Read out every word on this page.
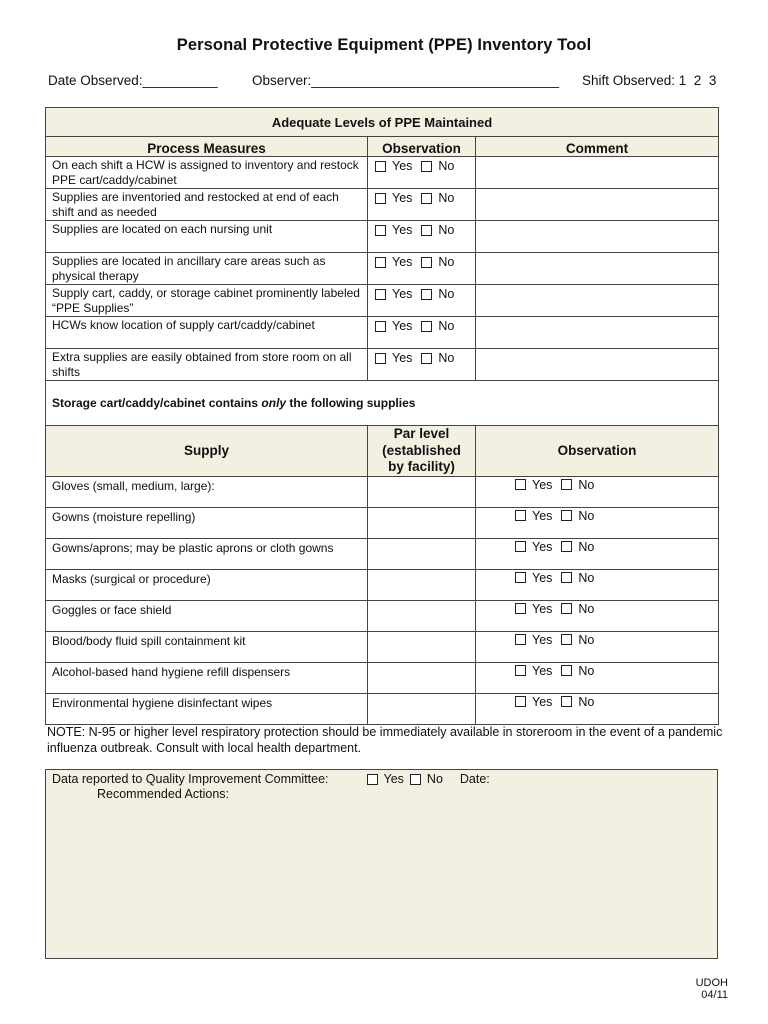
Personal Protective Equipment (PPE) Inventory Tool
Date Observed:__________	Observer:_________________________________ Shift Observed: 1  2  3
Adequate Levels of PPE Maintained		
Process Measures	Observation	Comment

On each shift a HCW is assigned to inventory and restock PPE cart/caddy/cabinet	Yes No	

Supplies are inventoried and restocked at end of each shift and as needed	Yes No	

Supplies are located on each nursing unit	Yes No	

Supplies are located in ancillary care areas such as physical therapy	Yes No	

Supply cart, caddy, or storage cabinet prominently labeled “PPE Supplies”	Yes No	

HCWs know location of supply cart/caddy/cabinet	Yes No	

Extra supplies are easily obtained from store room on all shifts	Yes No	

Storage cart/caddy/cabinet contains only the following supplies		
Supply	Par level
(established
by facility)	Observation

Gloves (small, medium, large):		Yes No

Gowns (moisture repelling)		Yes No

Gowns/aprons; may be plastic aprons or cloth gowns		Yes No

Masks (surgical or procedure)		Yes No

Goggles or face shield		Yes No

Blood/body fluid spill containment kit		Yes No

Alcohol-based hand hygiene refill dispensers		Yes No

Environmental hygiene disinfectant wipes		Yes No
NOTE: N-95 or higher level respiratory protection should be immediately available in storeroom in the event of a pandemic influenza outbreak. Consult with local health department.
Data reported to Quality Improvement Committee:	Yes No Date:
Recommended Actions:
UDOH
04/11
